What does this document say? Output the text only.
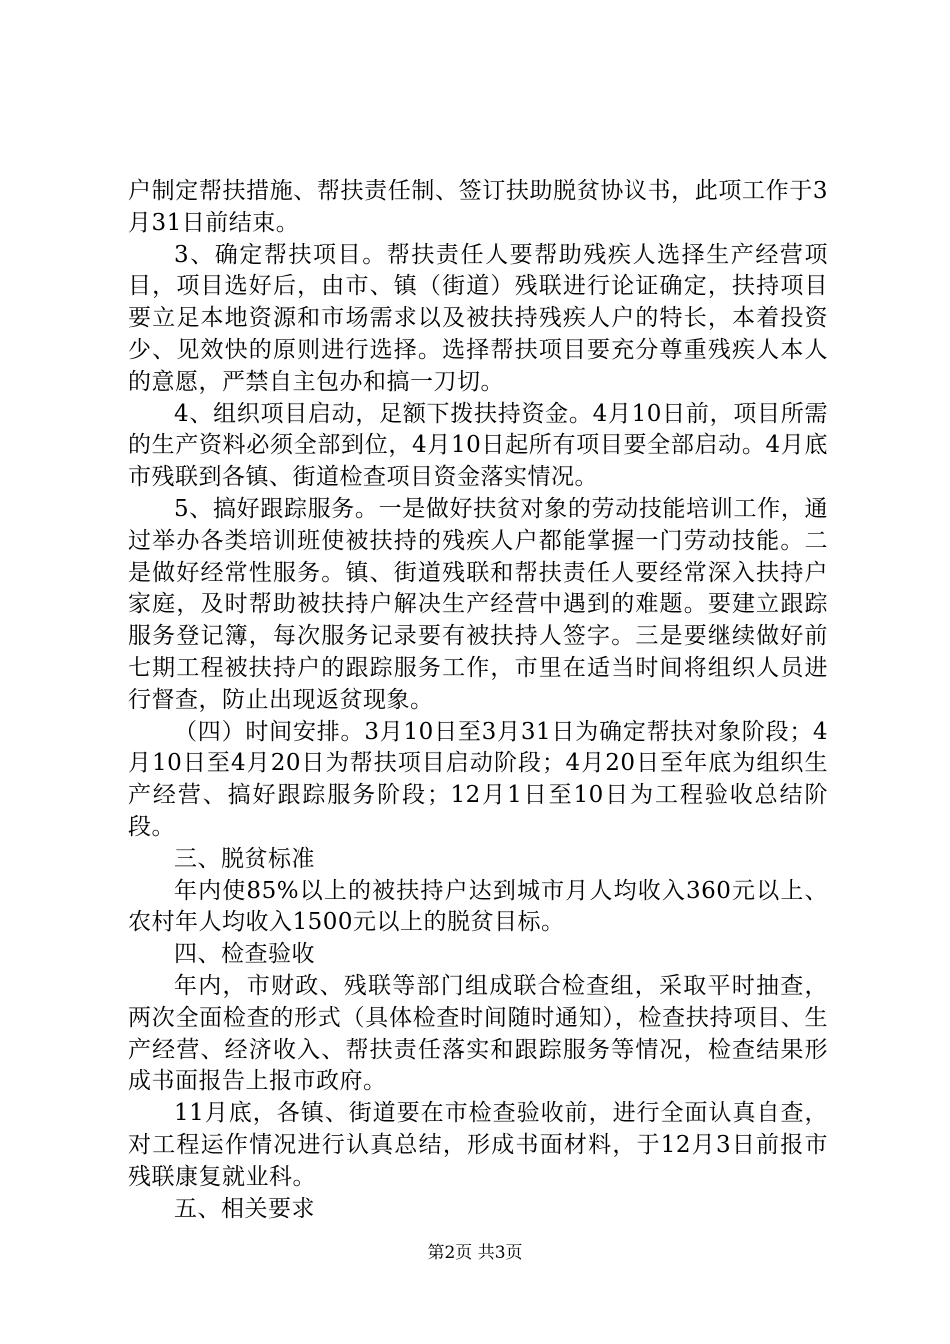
户制定帮扶措施、帮扶责任制、签订扶助脱贫协议书，此项工作于3月31日前结束。

3、确定帮扶项目。帮扶责任人要帮助残疾人选择生产经营项目，项目选好后，由市、镇（街道）残联进行论证确定，扶持项目要立足本地资源和市场需求以及被扶持残疾人户的特长，本着投资少、见效快的原则进行选择。选择帮扶项目要充分尊重残疾人本人的意愿，严禁自主包办和搞一刀切。

4、组织项目启动，足额下拨扶持资金。4月10日前，项目所需的生产资料必须全部到位，4月10日起所有项目要全部启动。4月底市残联到各镇、街道检查项目资金落实情况。

5、搞好跟踪服务。一是做好扶贫对象的劳动技能培训工作，通过举办各类培训班使被扶持的残疾人户都能掌握一门劳动技能。二是做好经常性服务。镇、街道残联和帮扶责任人要经常深入扶持户家庭，及时帮助被扶持户解决生产经营中遇到的难题。要建立跟踪服务登记簿，每次服务记录要有被扶持人签字。三是要继续做好前七期工程被扶持户的跟踪服务工作，市里在适当时间将组织人员进行督查，防止出现返贫现象。

（四）时间安排。3月10日至3月31日为确定帮扶对象阶段；4月10日至4月20日为帮扶项目启动阶段；4月20日至年底为组织生产经营、搞好跟踪服务阶段；12月1日至10日为工程验收总结阶段。

三、脱贫标准

年内使85%以上的被扶持户达到城市月人均收入360元以上、农村年人均收入1500元以上的脱贫目标。

四、检查验收

年内，市财政、残联等部门组成联合检查组，采取平时抽查，两次全面检查的形式（具体检查时间随时通知），检查扶持项目、生产经营、经济收入、帮扶责任落实和跟踪服务等情况，检查结果形成书面报告上报市政府。

11月底，各镇、街道要在市检查验收前，进行全面认真自查，对工程运作情况进行认真总结，形成书面材料，于12月3日前报市残联康复就业科。

五、相关要求

第2页 共3页
